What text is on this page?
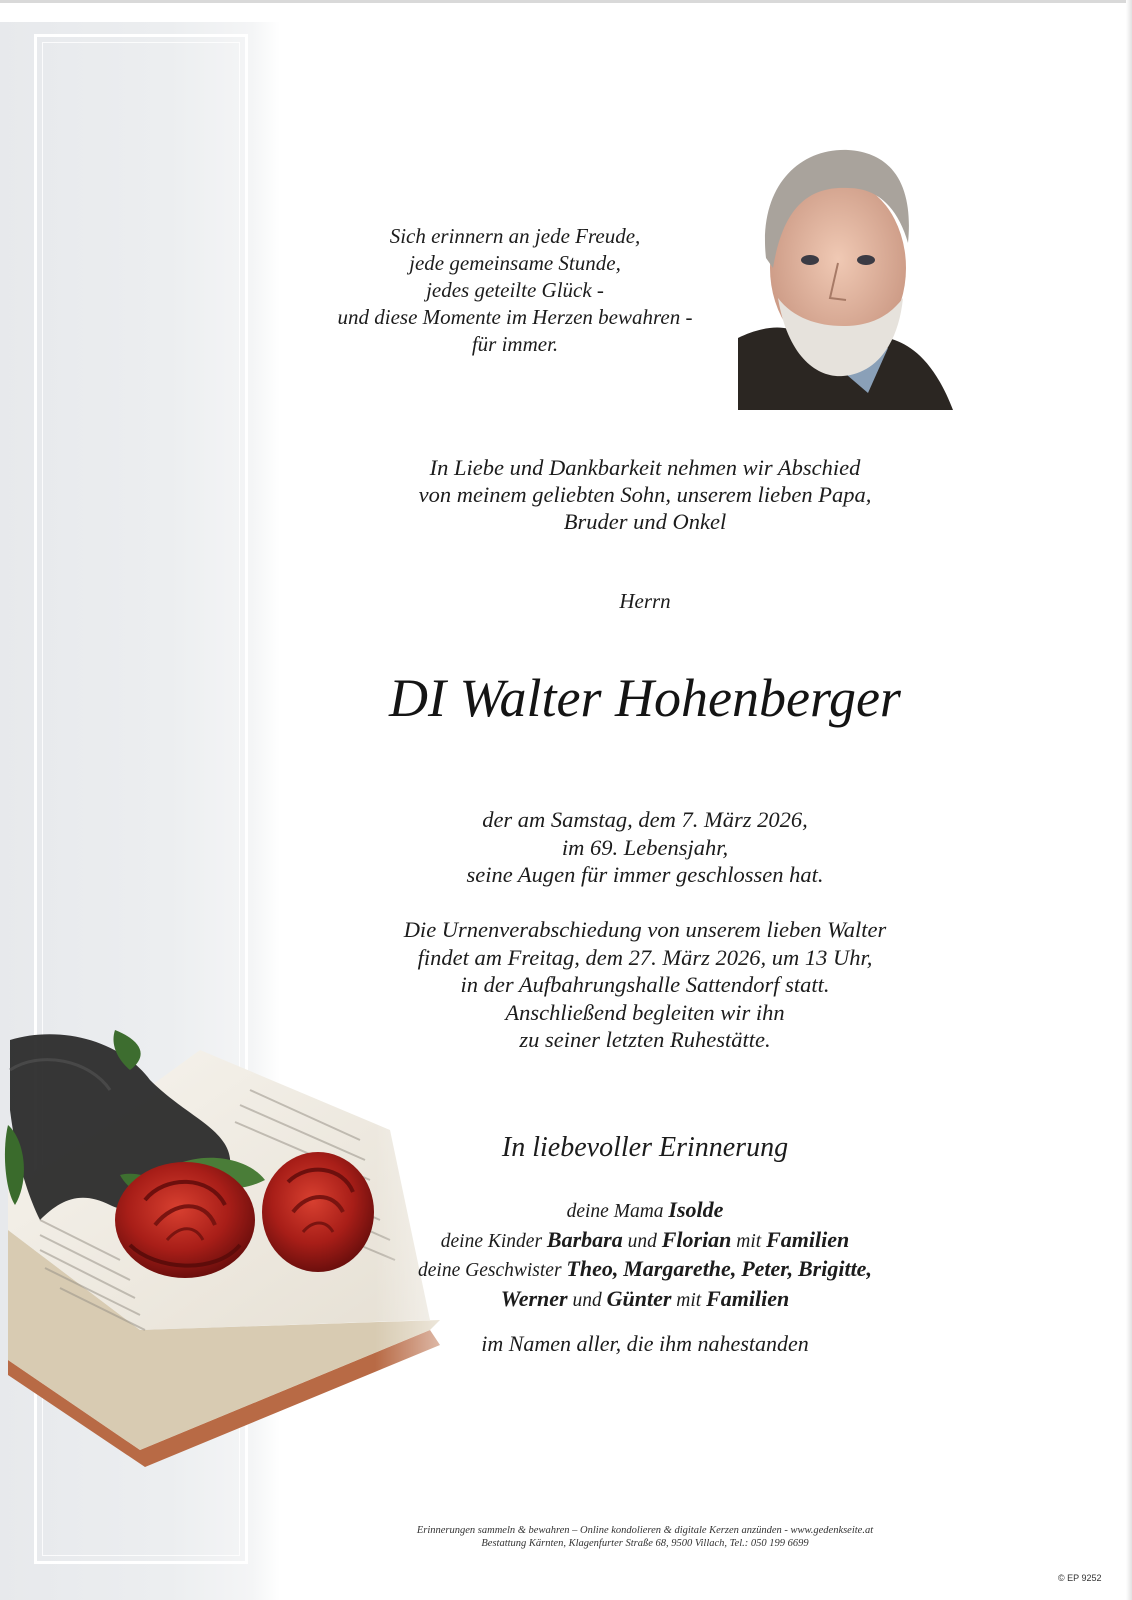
Sich erinnern an jede Freude,
jede gemeinsame Stunde,
jedes geteilte Glück -
und diese Momente im Herzen bewahren -
für immer.
In Liebe und Dankbarkeit nehmen wir Abschied
von meinem geliebten Sohn, unserem lieben Papa,
Bruder und Onkel
Herrn
DI Walter Hohenberger
der am Samstag, dem 7. März 2026,
im 69. Lebensjahr,
seine Augen für immer geschlossen hat.
Die Urnenverabschiedung von unserem lieben Walter
findet am Freitag, dem 27. März 2026, um 13 Uhr,
in der Aufbahrungshalle Sattendorf statt.
Anschließend begleiten wir ihn
zu seiner letzten Ruhestätte.
In liebevoller Erinnerung
deine Mama Isolde
deine Kinder Barbara und Florian mit Familien
deine Geschwister Theo, Margarethe, Peter, Brigitte,
Werner und Günter mit Familien
im Namen aller, die ihm nahestanden
Erinnerungen sammeln & bewahren – Online kondolieren & digitale Kerzen anzünden - www.gedenkseite.at
Bestattung Kärnten, Klagenfurter Straße 68, 9500 Villach, Tel.: 050 199 6699
© EP 9252
